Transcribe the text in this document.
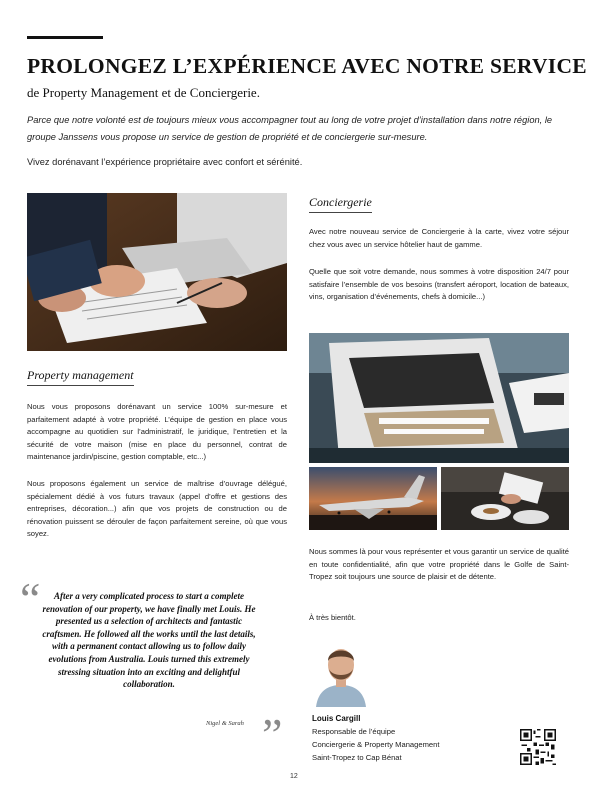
PROLONGEZ L’EXPÉRIENCE AVEC NOTRE SERVICE
de Property Management et de Conciergerie.

Parce que notre volonté est de toujours mieux vous accompagner tout au long de votre projet d’installation dans notre région, le groupe Janssens vous propose un service de gestion de propriété et de conciergerie sur-mesure.

Vivez dorénavant l’expérience propriétaire avec confort et sérénité.

Conciergerie

Avec notre nouveau service de Conciergerie à la carte, vivez votre séjour chez vous avec un service hôtelier haut de gamme.

Quelle que soit votre demande, nous sommes à votre disposition 24/7 pour satisfaire l’ensemble de vos besoins (transfert aéroport, location de bateaux, vins, organisation d’événements, chefs à domicile...)

Nous sommes là pour vous représenter et vous garantir un service de qualité en toute confidentialité, afin que votre propriété dans le Golfe de Saint-Tropez soit toujours une source de plaisir et de détente.

À très bientôt.

Property management

Nous vous proposons dorénavant un service 100% sur-mesure et parfaitement adapté à votre propriété. L’équipe de gestion en place vous accompagne au quotidien sur l’administratif, le juridique, l’entretien et la sécurité de votre maison (mise en place du personnel, contrat de maintenance jardin/piscine, gestion comptable, etc...)

Nous proposons également un service de maîtrise d’ouvrage délégué, spécialement dédié à vos futurs travaux (appel d’offre et gestions des entreprises, décoration...) afin que vos projets de construction ou de rénovation puissent se dérouler de façon parfaitement sereine, où que vous soyez.

“	After a very complicated process to start a complete renovation of our property, we have finally met Louis. He presented us a selection of architects and fantastic craftsmen. He followed all the works until the last details, with a permanent contact allowing us to follow daily evolutions from Australia. Louis turned this extremely stressing situation into an exciting and delightful collaboration.

Nigel & Sarah ”	Louis Cargill
Responsable de l’équipe
Conciergerie & Property Management
Saint-Tropez to Cap Bénat
12
